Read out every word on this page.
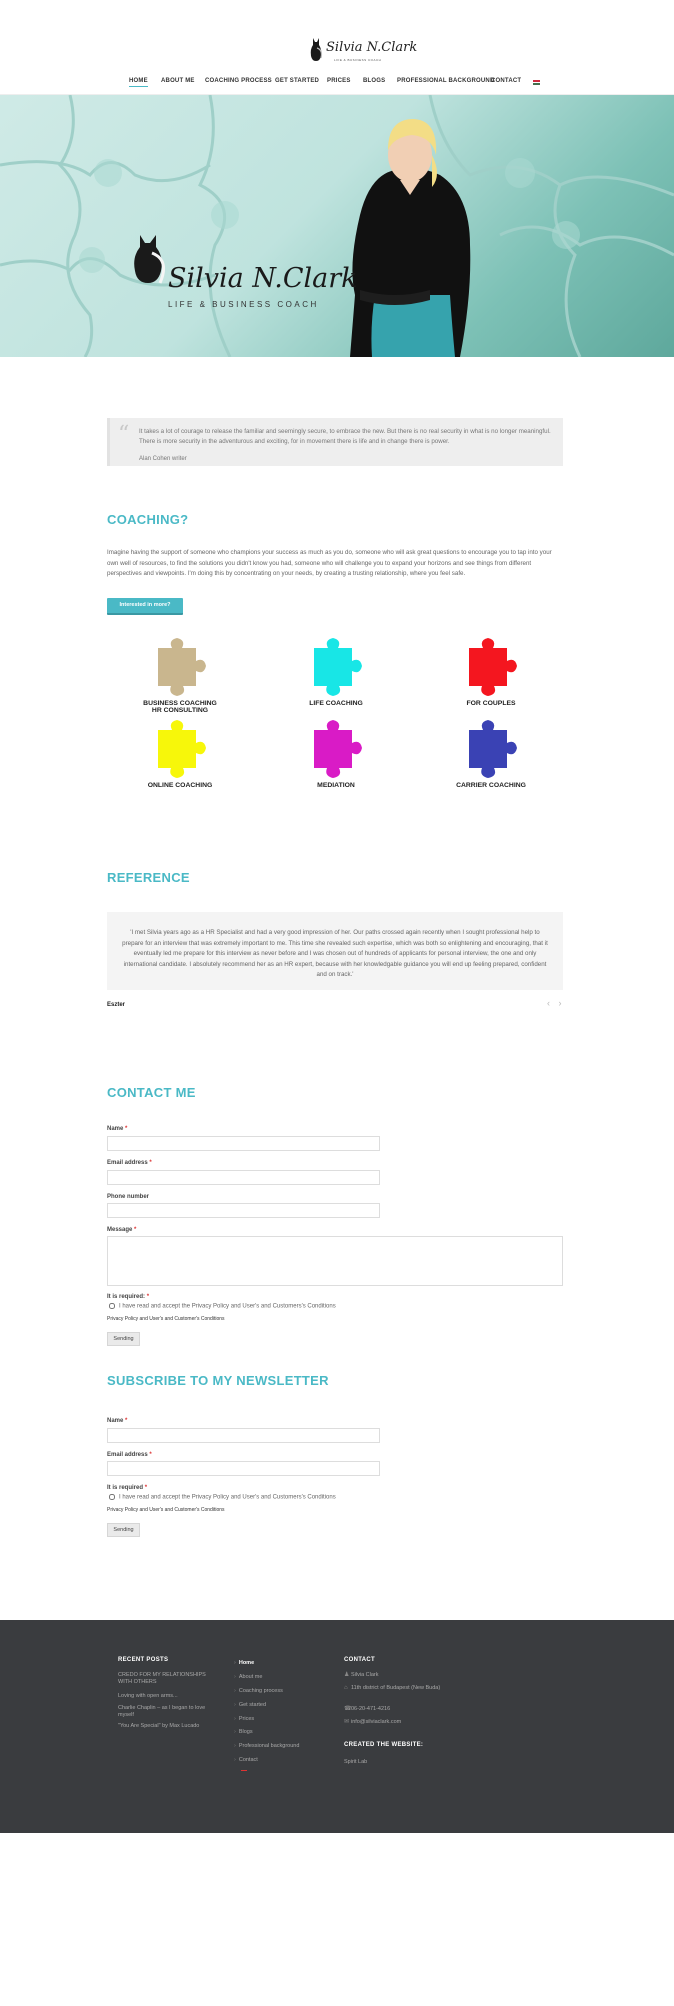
Silvia N.Clark
LIFE & BUSINESS COACH
HOME ABOUT ME COACHING PROCESS GET STARTED PRICES BLOGS PROFESSIONAL BACKGROUND
CONTACT
Silvia N.Clark
LIFE & BUSINESS COACH
“ It takes a lot of courage to release the familiar and seemingly secure, to embrace the new. But there is no real security in what is no longer meaningful. There is more security in the adventurous and exciting, for in movement there is life and in change there is power.

Alan Cohen writer

COACHING?

Imagine having the support of someone who champions your success as much as you do, someone who will ask great questions to encourage you to tap into your own well of resources, to find the solutions you didn't know you had, someone who will challenge you to expand your horizons and see things from different perspectives and viewpoints. I'm doing this by concentrating on your needs, by creating a trusting relationship, where you feel safe.

Interested in more?
BUSINESS COACHING
HR CONSULTING
LIFE COACHING	FOR COUPLES
ONLINE COACHING	MEDIATION	CARRIER COACHING
REFERENCE

'I met Silvia years ago as a HR Specialist and had a very good impression of her. Our paths crossed again recently when I sought professional help to prepare for an interview that was extremely important to me. This time she revealed such expertise, which was both so enlightening and encouraging, that it eventually led me prepare for this interview as never before and I was chosen out of hundreds of applicants for personal interview, the one and only international candidate. I absolutely recommend her as an HR expert, because with her knowledgable guidance you will end up feeling prepared, confident and on track.'

Eszter	‹ ›
CONTACT ME
Name *
Email address *
Phone number
Message *
It is required: *
I have read and accept the Privacy Policy and User's and Customers's Conditions
Privacy Policy and User's and Customer's Conditions
Sending
SUBSCRIBE TO MY NEWSLETTER
Name *
Email address *
It is required *
I have read and accept the Privacy Policy and User's and Customers's Conditions
Privacy Policy and User's and Customer's Conditions
Sending
RECENT POSTS
CREDO FOR MY RELATIONSHIPS WITH OTHERS
Loving with open arms...
Charlie Chaplin – as I began to love myself
"You Are Special" by Max Lucado
› Home
› About me
› Coaching process
› Get started
› Prices
› Blogs
› Professional background
› Contact
CONTACT
♟ Silvia Clark
⌂ 11th district of Budapest (New Buda)
☎06-20-471-4216
✉ info@silviaclark.com
CREATED THE WEBSITE:
Spirit Lab
